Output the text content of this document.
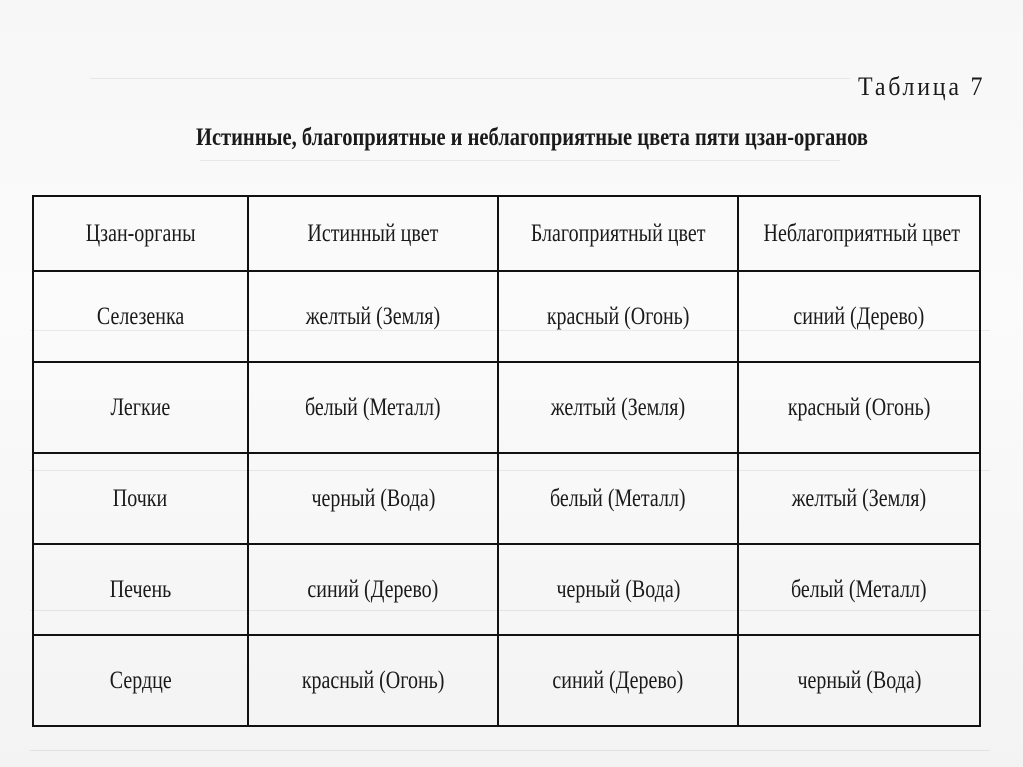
Таблица 7
Истинные, благоприятные и неблагоприятные цвета пяти цзан-органов
Цзан-органы	Истинный цвет	Благоприятный цвет	Неблагоприятный цвет
Селезенка	желтый (Земля)	красный (Огонь)	синий (Дерево)
Легкие	белый (Металл)	желтый (Земля)	красный (Огонь)
Почки	черный (Вода)	белый (Металл)	желтый (Земля)
Печень	синий (Дерево)	черный (Вода)	белый (Металл)
Сердце	красный (Огонь)	синий (Дерево)	черный (Вода)
